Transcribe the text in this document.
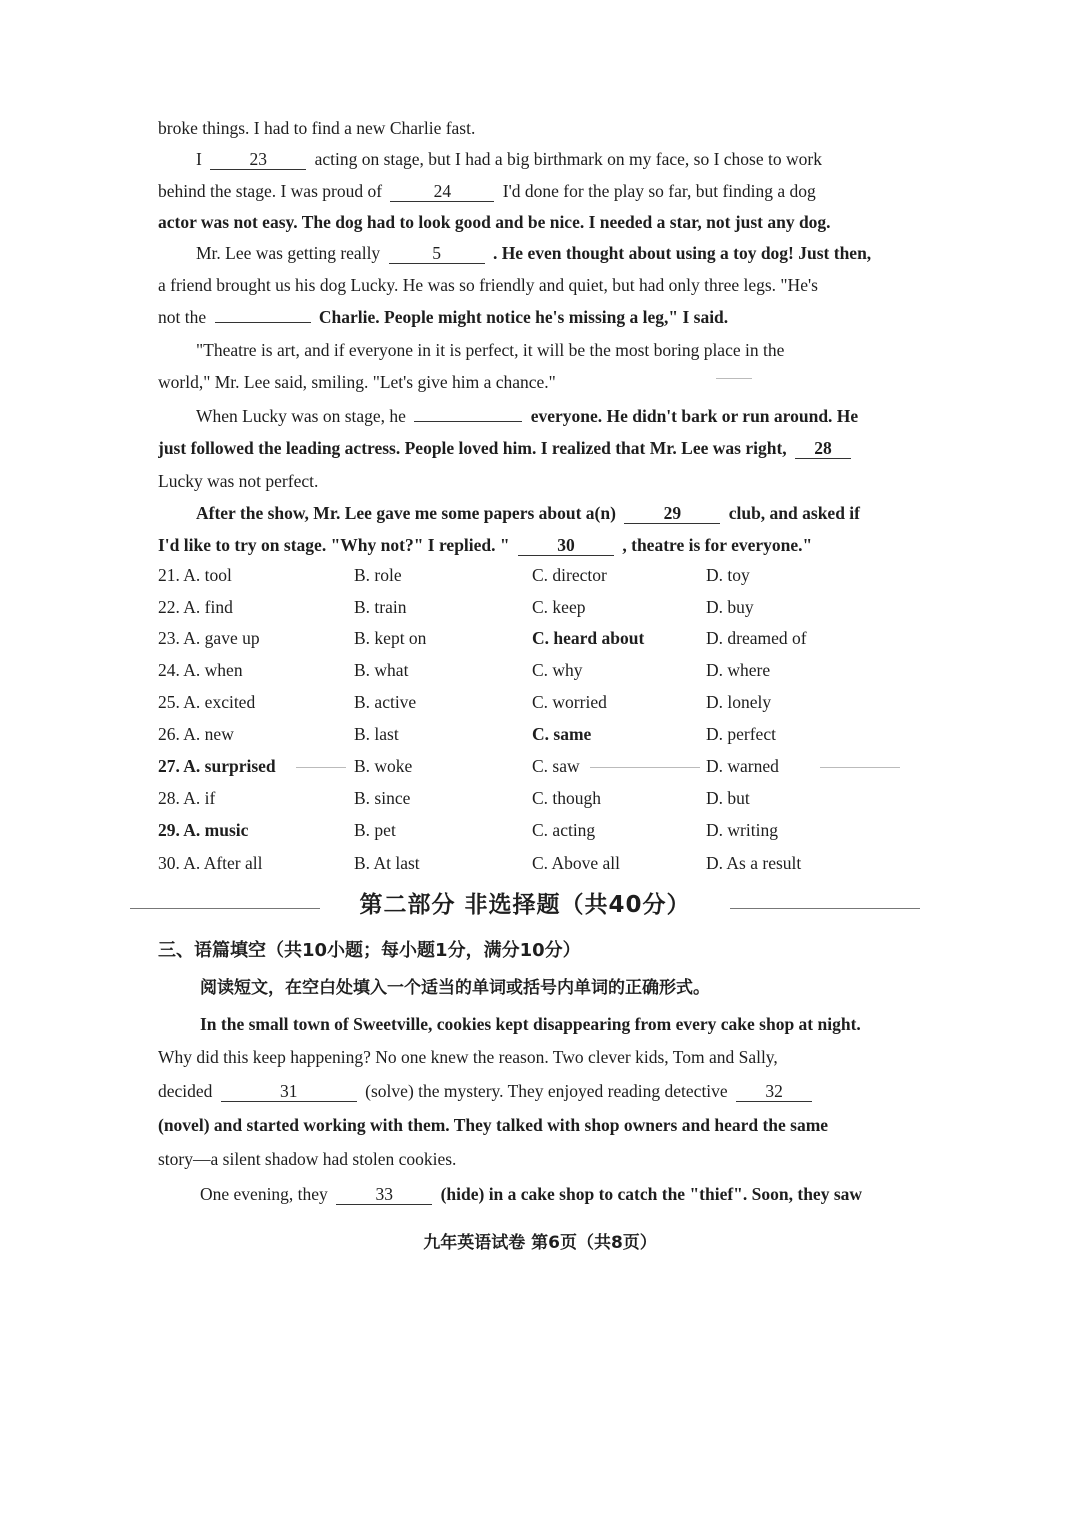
broke things. I had to find a new Charlie fast.
I	23	acting on stage, but I had a big birthmark on my face, so I chose to work
behind the stage. I was proud of	24	I'd done for the play so far, but finding a dog
actor was not easy. The dog had to look good and be nice. I needed a star, not just any dog.
Mr. Lee was getting really	5	. He even thought about using a toy dog! Just then,
a friend brought us his dog Lucky. He was so friendly and quiet, but had only three legs. "He's
not the	Charlie. People might notice he's missing a leg," I said.
"Theatre is art, and if everyone in it is perfect, it will be the most boring place in the
world," Mr. Lee said, smiling. "Let's give him a chance."
When Lucky was on stage, he	everyone. He didn't bark or run around. He
just followed the leading actress. People loved him. I realized that Mr. Lee was right, 28
Lucky was not perfect.
After the show, Mr. Lee gave me some papers about a(n)	29	club, and asked if
I'd like to try on stage. "Why not?" I replied. "	30	, theatre is for everyone."
21. A. tool	B. role	C. director	D. toy
22. A. find	B. train	C. keep	D. buy
23. A. gave up	B. kept on	C. heard about	D. dreamed of
24. A. when	B. what	C. why	D. where
25. A. excited	B. active	C. worried	D. lonely
26. A. new	B. last	C. same	D. perfect
27. A. surprised	B. woke	C. saw	D. warned
28. A. if	B. since	C. though	D. but
29. A. music	B. pet	C. acting	D. writing
30. A. After all	B. At last	C. Above all	D. As a result
第二部分 非选择题（共40分）
三、语篇填空（共10小题；每小题1分，满分10分）
阅读短文，在空白处填入一个适当的单词或括号内单词的正确形式。
In the small town of Sweetville, cookies kept disappearing from every cake shop at night.
Why did this keep happening? No one knew the reason. Two clever kids, Tom and Sally,
decided	31	(solve) the mystery. They enjoyed reading detective 32
(novel) and started working with them. They talked with shop owners and heard the same
story—a silent shadow had stolen cookies.
One evening, they	33	(hide) in a cake shop to catch the "thief". Soon, they saw
九年英语试卷 第6页（共8页）
